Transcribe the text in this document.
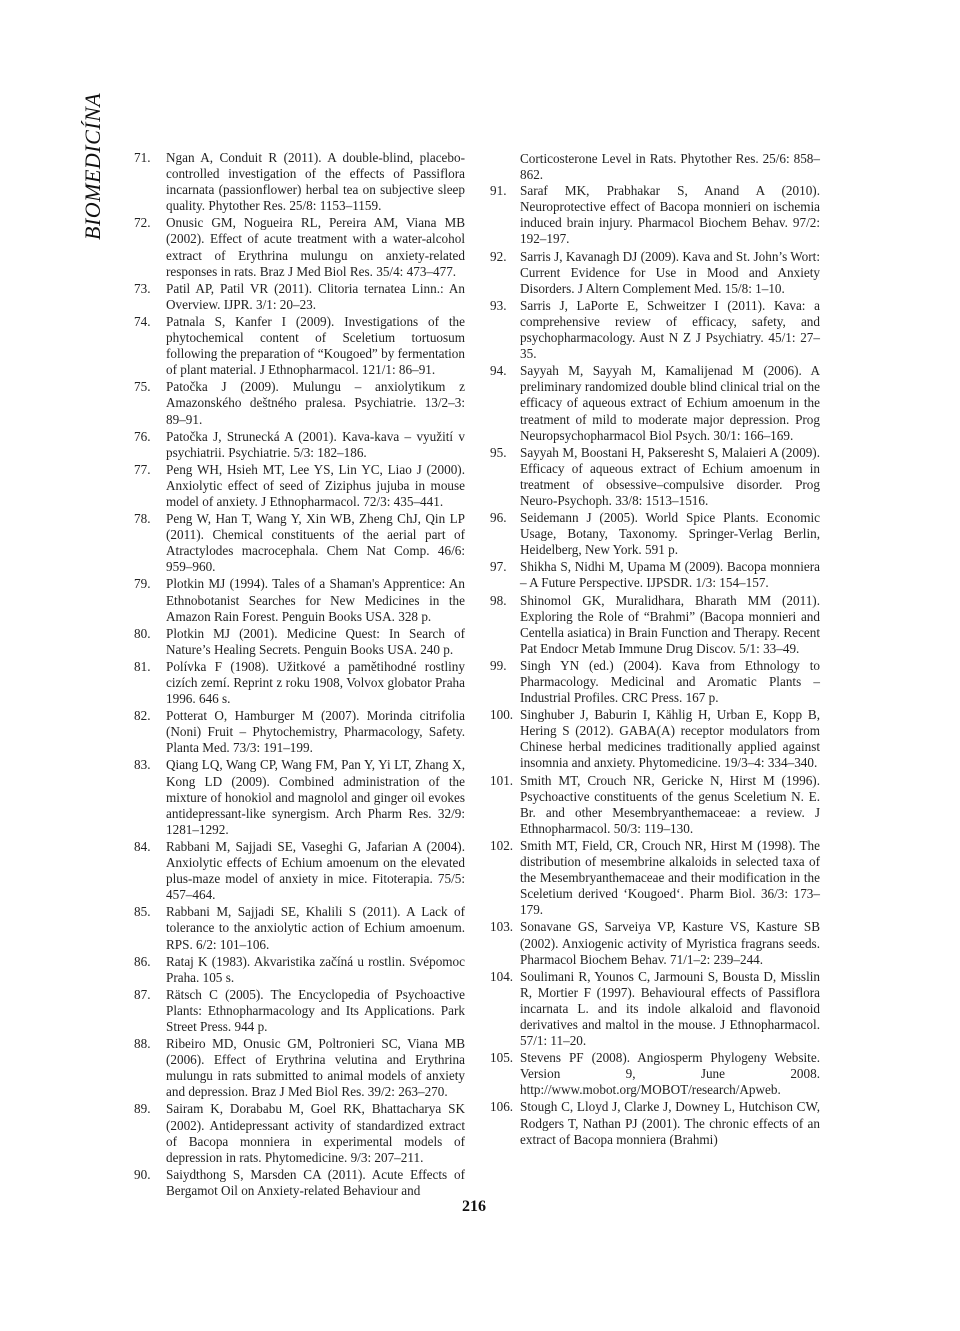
BIOMEDICÍNA 71.	Ngan A, Conduit R (2011). A double-blind, placebo-controlled investigation of the effects of Passiflora incarnata (passionflower) herbal tea on subjective sleep quality. Phytother Res. 25/8: 1153–1159.
72.	Onusic GM, Nogueira RL, Pereira AM, Viana MB (2002). Effect of acute treatment with a water-alcohol extract of Erythrina mulungu on anxiety-related responses in rats. Braz J Med Biol Res. 35/4: 473–477.
73.	Patil AP, Patil VR (2011). Clitoria ternatea Linn.: An Overview. IJPR. 3/1: 20–23.
74.	Patnala S, Kanfer I (2009). Investigations of the phytochemical content of Sceletium tortuosum following the preparation of “Kougoed” by fermentation of plant material. J Ethnopharmacol. 121/1: 86–91.
75.	Patočka J (2009). Mulungu – anxiolytikum z Amazonského deštného pralesa. Psychiatrie. 13/2–3: 89–91.
76.	Patočka J, Strunecká A (2001). Kava-kava – využití v psychiatrii. Psychiatrie. 5/3: 182–186.
77.	Peng WH, Hsieh MT, Lee YS, Lin YC, Liao J (2000). Anxiolytic effect of seed of Ziziphus jujuba in mouse model of anxiety. J Ethnopharmacol. 72/3: 435–441.
78.	Peng W, Han T, Wang Y, Xin WB, Zheng ChJ, Qin LP (2011). Chemical constituents of the aerial part of Atractylodes macrocephala. Chem Nat Comp. 46/6: 959–960.
79.	Plotkin MJ (1994). Tales of a Shaman's Apprentice: An Ethnobotanist Searches for New Medicines in the Amazon Rain Forest. Penguin Books USA. 328 p.
80.	Plotkin MJ (2001). Medicine Quest: In Search of Nature’s Healing Secrets. Penguin Books USA. 240 p.
81.	Polívka F (1908). Užitkové a pamětihodné rostliny cizích zemí. Reprint z roku 1908, Volvox globator Praha 1996. 646 s.
82.	Potterat O, Hamburger M (2007). Morinda citrifolia (Noni) Fruit – Phytochemistry, Pharmacology, Safety. Planta Med. 73/3: 191–199.
83.	Qiang LQ, Wang CP, Wang FM, Pan Y, Yi LT, Zhang X, Kong LD (2009). Combined administration of the mixture of honokiol and magnolol and ginger oil evokes antidepressant-like synergism. Arch Pharm Res. 32/9: 1281–1292.
84.	Rabbani M, Sajjadi SE, Vaseghi G, Jafarian A (2004). Anxiolytic effects of Echium amoenum on the elevated plus-maze model of anxiety in mice. Fitoterapia. 75/5: 457–464.
85.	Rabbani M, Sajjadi SE, Khalili S (2011). A Lack of tolerance to the anxiolytic action of Echium amoenum. RPS. 6/2: 101–106.
86.	Rataj K (1983). Akvaristika začíná u rostlin. Svépomoc Praha. 105 s.
87.	Rätsch C (2005). The Encyclopedia of Psychoactive Plants: Ethnopharmacology and Its Applications. Park Street Press. 944 p.
88.	Ribeiro MD, Onusic GM, Poltronieri SC, Viana MB (2006). Effect of Erythrina velutina and Erythrina mulungu in rats submitted to animal models of anxiety and depression. Braz J Med Biol Res. 39/2: 263–270.
89.	Sairam K, Dorababu M, Goel RK, Bhattacharya SK (2002). Antidepressant activity of standardized extract of Bacopa monniera in experimental models of depression in rats. Phytomedicine. 9/3: 207–211.
90.	Saiydthong S, Marsden CA (2011). Acute Effects of Bergamot Oil on Anxiety-related Behaviour and
Corticosterone Level in Rats. Phytother Res. 25/6: 858–862.
91.	Saraf MK, Prabhakar S, Anand A (2010). Neuroprotective effect of Bacopa monnieri on ischemia induced brain injury. Pharmacol Biochem Behav. 97/2: 192–197.
92.	Sarris J, Kavanagh DJ (2009). Kava and St. John’s Wort: Current Evidence for Use in Mood and Anxiety Disorders. J Altern Complement Med. 15/8: 1–10.
93.	Sarris J, LaPorte E, Schweitzer I (2011). Kava: a comprehensive review of efficacy, safety, and psychopharmacology. Aust N Z J Psychiatry. 45/1: 27–35.
94.	Sayyah M, Sayyah M, Kamalijenad M (2006). A preliminary randomized double blind clinical trial on the efficacy of aqueous extract of Echium amoenum in the treatment of mild to moderate major depression. Prog Neuropsychopharmacol Biol Psych. 30/1: 166–169.
95.	Sayyah M, Boostani H, Pakseresht S, Malaieri A (2009). Efficacy of aqueous extract of Echium amoenum in treatment of obsessive–compulsive disorder. Prog Neuro-Psychoph. 33/8: 1513–1516.
96.	Seidemann J (2005). World Spice Plants. Economic Usage, Botany, Taxonomy. Springer-Verlag Berlin, Heidelberg, New York. 591 p.
97.	Shikha S, Nidhi M, Upama M (2009). Bacopa monniera – A Future Perspective. IJPSDR. 1/3: 154–157.
98.	Shinomol GK, Muralidhara, Bharath MM (2011). Exploring the Role of “Brahmi” (Bacopa monnieri and Centella asiatica) in Brain Function and Therapy. Recent Pat Endocr Metab Immune Drug Discov. 5/1: 33–49.
99.	Singh YN (ed.) (2004). Kava from Ethnology to Pharmacology. Medicinal and Aromatic Plants – Industrial Profiles. CRC Press. 167 p.
100. Singhuber J, Baburin I, Kählig H, Urban E, Kopp B, Hering S (2012). GABA(A) receptor modulators from Chinese herbal medicines traditionally applied against insomnia and anxiety. Phytomedicine. 19/3–4: 334–340.
101. Smith MT, Crouch NR, Gericke N, Hirst M (1996). Psychoactive constituents of the genus Sceletium N. E. Br. and other Mesembryanthemaceae: a review. J Ethnopharmacol. 50/3: 119–130.
102. Smith MT, Field, CR, Crouch NR, Hirst M (1998). The distribution of mesembrine alkaloids in selected taxa of the Mesembryanthemaceae and their modification in the Sceletium derived ‘Kougoed‘. Pharm Biol. 36/3: 173–179.
103. Sonavane GS, Sarveiya VP, Kasture VS, Kasture SB (2002). Anxiogenic activity of Myristica fragrans seeds. Pharmacol Biochem Behav. 71/1–2: 239–244.
104. Soulimani R, Younos C, Jarmouni S, Bousta D, Misslin R, Mortier F (1997). Behavioural effects of Passiflora incarnata L. and its indole alkaloid and flavonoid derivatives and maltol in the mouse. J Ethnopharmacol. 57/1: 11–20.
105. Stevens PF (2008). Angiosperm Phylogeny Website. Version 9, June 2008. http://www.mobot.org/MOBOT/research/Apweb.
106. Stough C, Lloyd J, Clarke J, Downey L, Hutchison CW, Rodgers T, Nathan PJ (2001). The chronic effects of an extract of Bacopa monniera (Brahmi)
216
